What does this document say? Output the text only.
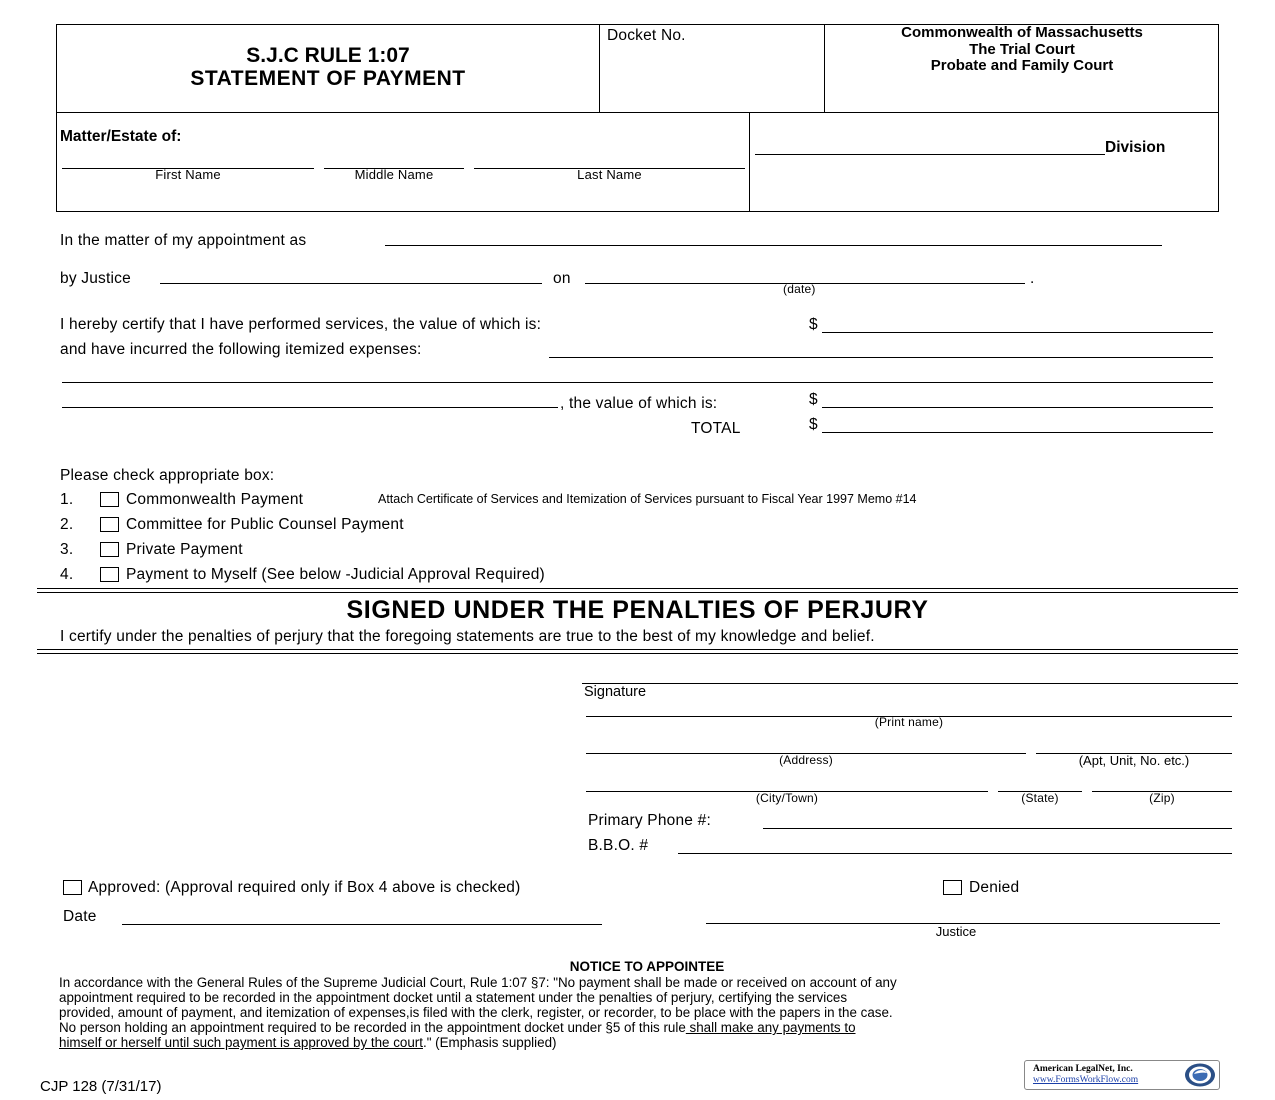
S.J.C RULE 1:07
STATEMENT OF PAYMENT
Docket No.	Commonwealth of Massachusetts
The Trial Court
Probate and Family Court
Matter/Estate of:
First Name	Middle Name	Last Name
Division
In the matter of my appointment as
by Justice	on	.
(date)
I hereby certify that I have performed services, the value of which is:	$
and have incurred the following itemized expenses:
, the value of which is:	$
TOTAL	$
Please check appropriate box:
1.	Commonwealth Payment	Attach Certificate of Services and Itemization of Services pursuant to Fiscal Year 1997 Memo #14
2.	Committee for Public Counsel Payment
3.	Private Payment
4.	Payment to Myself (See below -Judicial Approval Required)
SIGNED UNDER THE PENALTIES OF PERJURY
I certify under the penalties of perjury that the foregoing statements are true to the best of my knowledge and belief.
Signature
(Print name)
(Address)	(Apt, Unit, No. etc.)
(City/Town)	(State)	(Zip)
Primary Phone #:
B.B.O. #
Approved: (Approval required only if Box 4 above is checked)	Denied
Date
Justice
NOTICE TO APPOINTEE
In accordance with the General Rules of the Supreme Judicial Court, Rule 1:07 §7: "No payment shall be made or received on account of any
appointment required to be recorded in the appointment docket until a statement under the penalties of perjury, certifying the services
provided, amount of payment, and itemization of expenses,is filed with the clerk, register, or recorder, to be place with the papers in the case.
No person holding an appointment required to be recorded in the appointment docket under §5 of this rule shall make any payments to
himself or herself until such payment is approved by the court." (Emphasis supplied)
CJP 128 (7/31/17)
American LegalNet, Inc.
www.FormsWorkFlow.com
